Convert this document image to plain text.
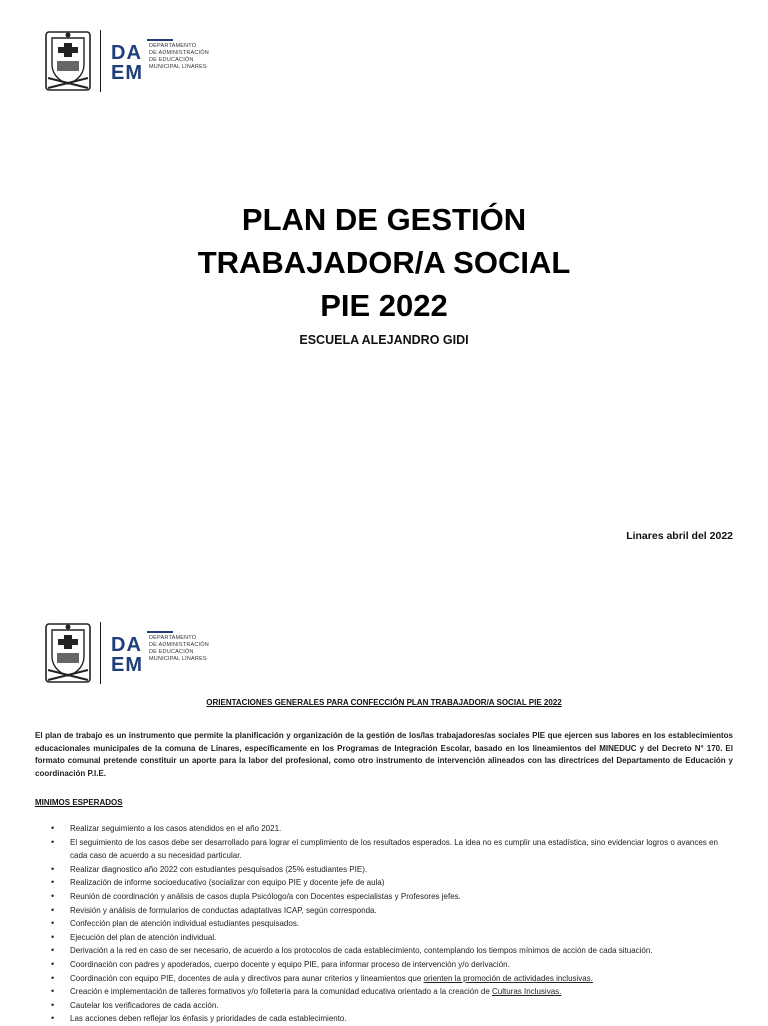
DA
EM
DEPARTAMENTO
DE ADMINISTRACIÓN
DE EDUCACIÓN
MUNICIPAL LINARES
PLAN DE GESTIÓN
TRABAJADOR/A SOCIAL
PIE 2022
ESCUELA ALEJANDRO GIDI
Linares abril del 2022
DA
EM
DEPARTAMENTO
DE ADMINISTRACIÓN
DE EDUCACIÓN
MUNICIPAL LINARES
ORIENTACIONES GENERALES PARA CONFECCIÓN PLAN TRABAJADOR/A SOCIAL PIE 2022
El plan de trabajo es un instrumento que permite la planificación y organización de la gestión de los/las trabajadores/as sociales PIE que ejercen sus labores en los establecimientos educacionales municipales de la comuna de Linares, específicamente en los Programas de Integración Escolar, basado en los lineamientos del MINEDUC y del Decreto N° 170. El formato comunal pretende constituir un aporte para la labor del profesional, como otro instrumento de intervención alineados con las directrices del Departamento de Educación y coordinación P.I.E.
MINIMOS ESPERADOS
• Realizar seguimiento a los casos atendidos en el año 2021.
• El seguimiento de los casos debe ser desarrollado para lograr el cumplimiento de los resultados esperados. La idea no es cumplir una estadística, sino evidenciar logros o avances en cada caso de acuerdo a su necesidad particular.
• Realizar diagnostico año 2022 con estudiantes pesquisados (25% estudiantes PIE).
• Realización de informe socioeducativo (socializar con equipo PIE y docente jefe de aula)
• Reunión de coordinación y análisis de casos dupla Psicólogo/a con Docentes especialistas y Profesores jefes.
• Revisión y análisis de formularios de conductas adaptativas ICAP, según corresponda.
• Confección plan de atención individual estudiantes pesquisados.
• Ejecución del plan de atención individual.
• Derivación a la red en caso de ser necesario, de acuerdo a los protocolos de cada establecimiento, contemplando los tiempos mínimos de acción de cada situación.
• Coordinación con padres y apoderados, cuerpo docente y equipo PIE, para informar proceso de intervención y/o derivación.
• Coordinación con equipo PIE, docentes de aula y directivos para aunar criterios y lineamientos que orienten la promoción de actividades inclusivas.
• Creación e implementación de talleres formativos y/o folletería para la comunidad educativa orientado a la creación de Culturas Inclusivas.
• Cautelar los verificadores de cada acción.
• Las acciones deben reflejar los énfasis y prioridades de cada establecimiento.
